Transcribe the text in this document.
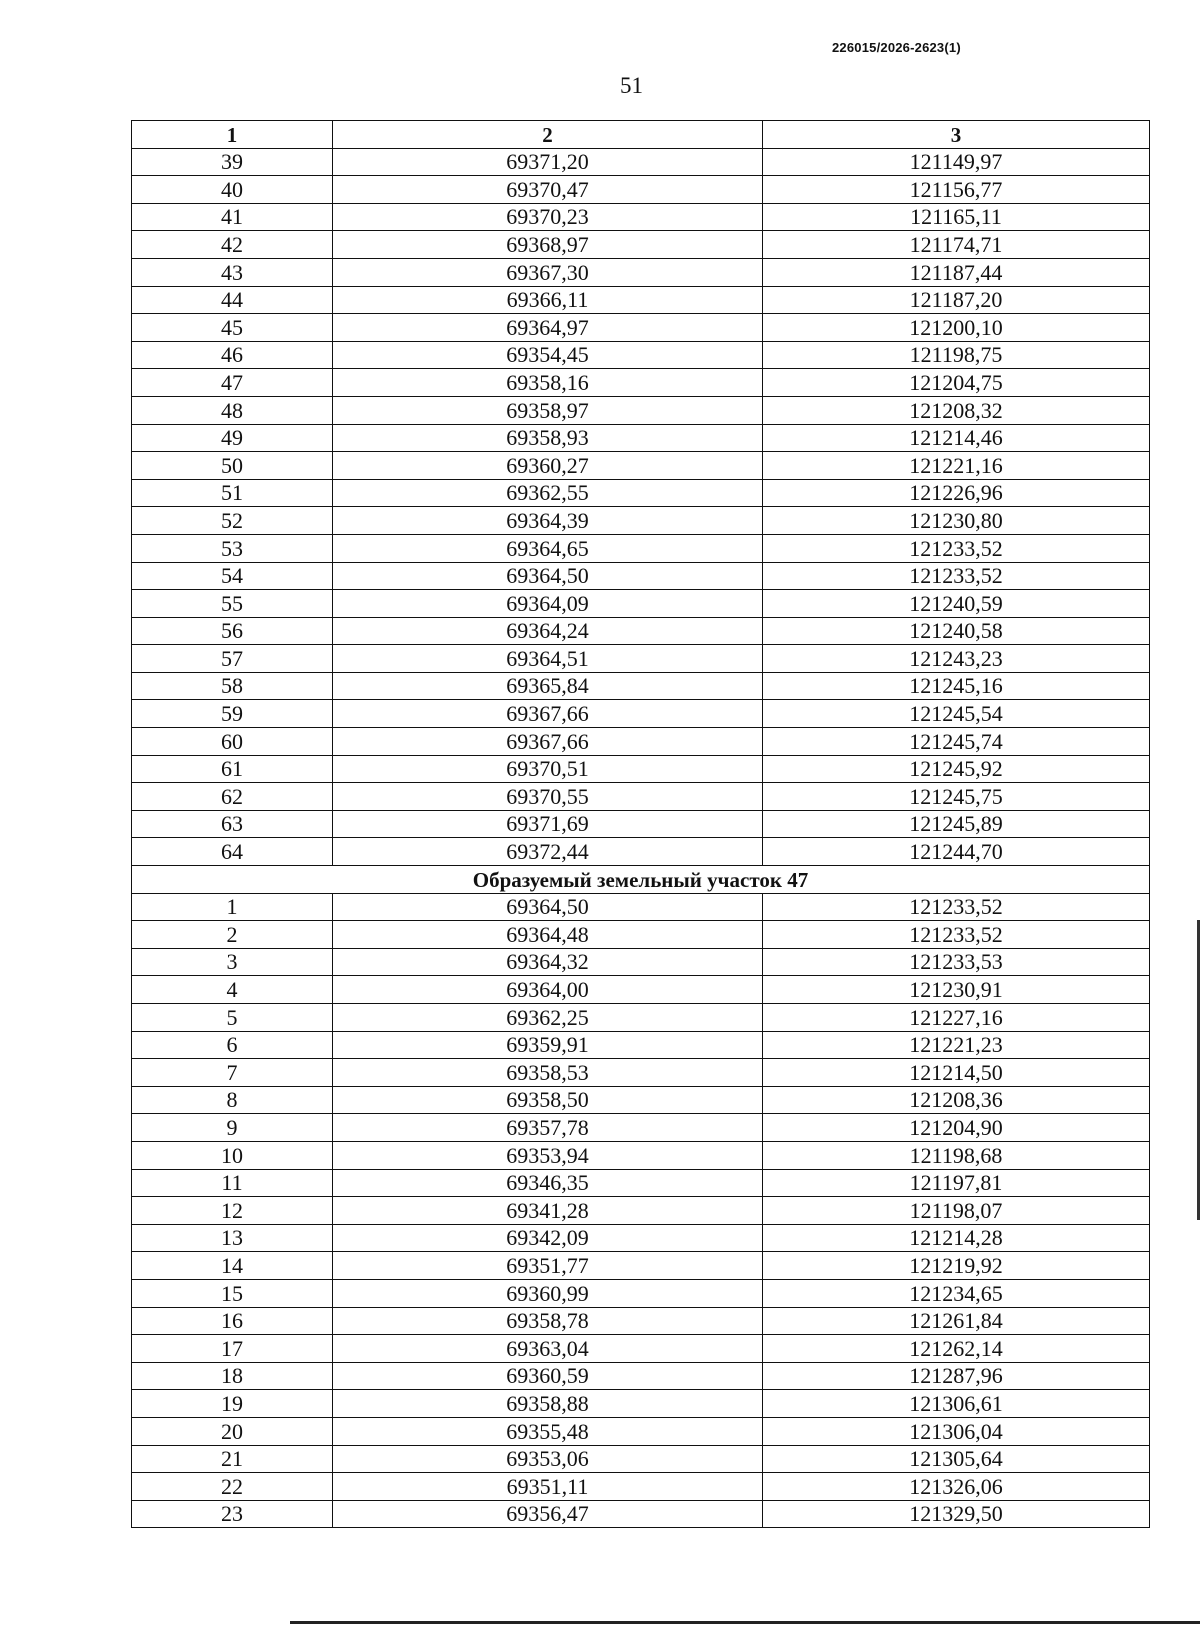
226015/2026-2623(1)
51
1	2	3
39	69371,20	121149,97
40	69370,47	121156,77
41	69370,23	121165,11
42	69368,97	121174,71
43	69367,30	121187,44
44	69366,11	121187,20
45	69364,97	121200,10
46	69354,45	121198,75
47	69358,16	121204,75
48	69358,97	121208,32
49	69358,93	121214,46
50	69360,27	121221,16
51	69362,55	121226,96
52	69364,39	121230,80
53	69364,65	121233,52
54	69364,50	121233,52
55	69364,09	121240,59
56	69364,24	121240,58
57	69364,51	121243,23
58	69365,84	121245,16
59	69367,66	121245,54
60	69367,66	121245,74
61	69370,51	121245,92
62	69370,55	121245,75
63	69371,69	121245,89
64	69372,44	121244,70
Образуемый земельный участок 47		
1	69364,50	121233,52
2	69364,48	121233,52
3	69364,32	121233,53
4	69364,00	121230,91
5	69362,25	121227,16
6	69359,91	121221,23
7	69358,53	121214,50
8	69358,50	121208,36
9	69357,78	121204,90
10	69353,94	121198,68
11	69346,35	121197,81
12	69341,28	121198,07
13	69342,09	121214,28
14	69351,77	121219,92
15	69360,99	121234,65
16	69358,78	121261,84
17	69363,04	121262,14
18	69360,59	121287,96
19	69358,88	121306,61
20	69355,48	121306,04
21	69353,06	121305,64
22	69351,11	121326,06
23	69356,47	121329,50
